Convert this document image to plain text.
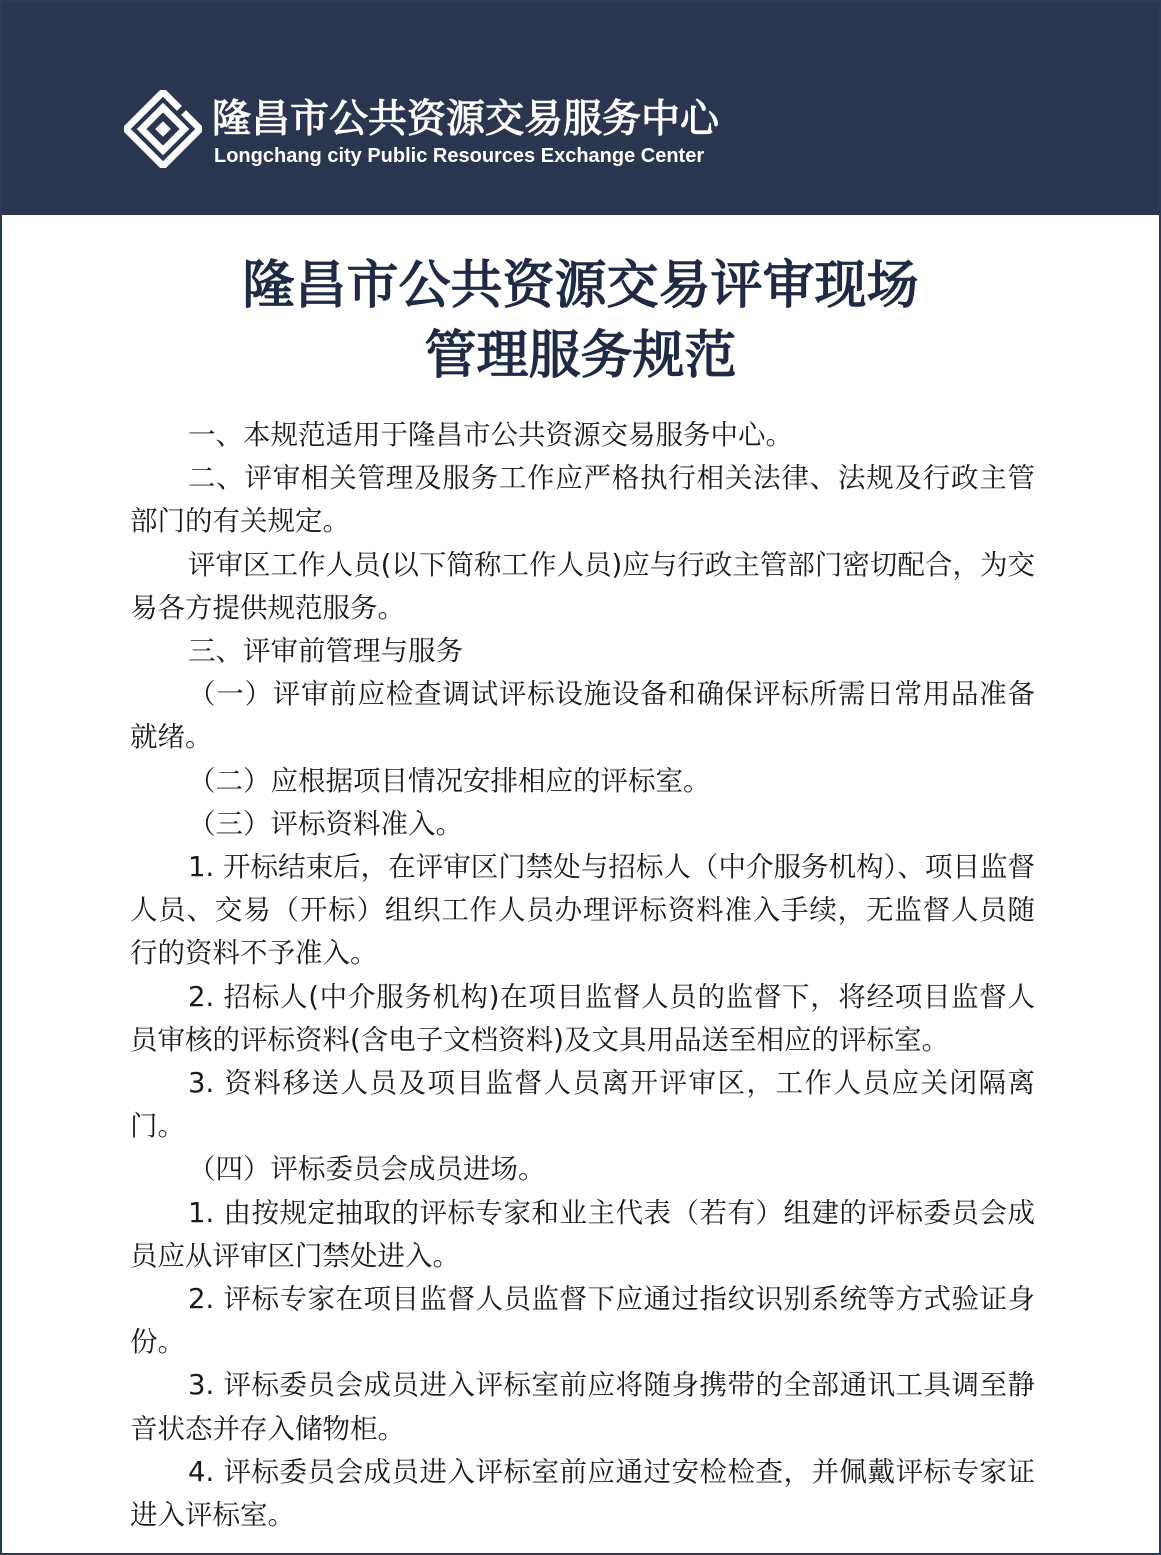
隆昌市公共资源交易服务中心
Longchang city Public Resources Exchange Center
隆昌市公共资源交易评审现场
管理服务规范

一、本规范适用于隆昌市公共资源交易服务中心。

二、评审相关管理及服务工作应严格执行相关法律、法规及行政主管部门的有关规定。

评审区工作人员(以下简称工作人员)应与行政主管部门密切配合，为交易各方提供规范服务。

三、评审前管理与服务

（一）评审前应检查调试评标设施设备和确保评标所需日常用品准备就绪。

（二）应根据项目情况安排相应的评标室。

（三）评标资料准入。

1. 开标结束后，在评审区门禁处与招标人（中介服务机构）、项目监督人员、交易（开标）组织工作人员办理评标资料准入手续，无监督人员随行的资料不予准入。

2. 招标人(中介服务机构)在项目监督人员的监督下，将经项目监督人员审核的评标资料(含电子文档资料)及文具用品送至相应的评标室。

3. 资料移送人员及项目监督人员离开评审区，工作人员应关闭隔离门。

（四）评标委员会成员进场。

1. 由按规定抽取的评标专家和业主代表（若有）组建的评标委员会成员应从评审区门禁处进入。

2. 评标专家在项目监督人员监督下应通过指纹识别系统等方式验证身份。

3. 评标委员会成员进入评标室前应将随身携带的全部通讯工具调至静音状态并存入储物柜。

4. 评标委员会成员进入评标室前应通过安检检查，并佩戴评标专家证进入评标室。
